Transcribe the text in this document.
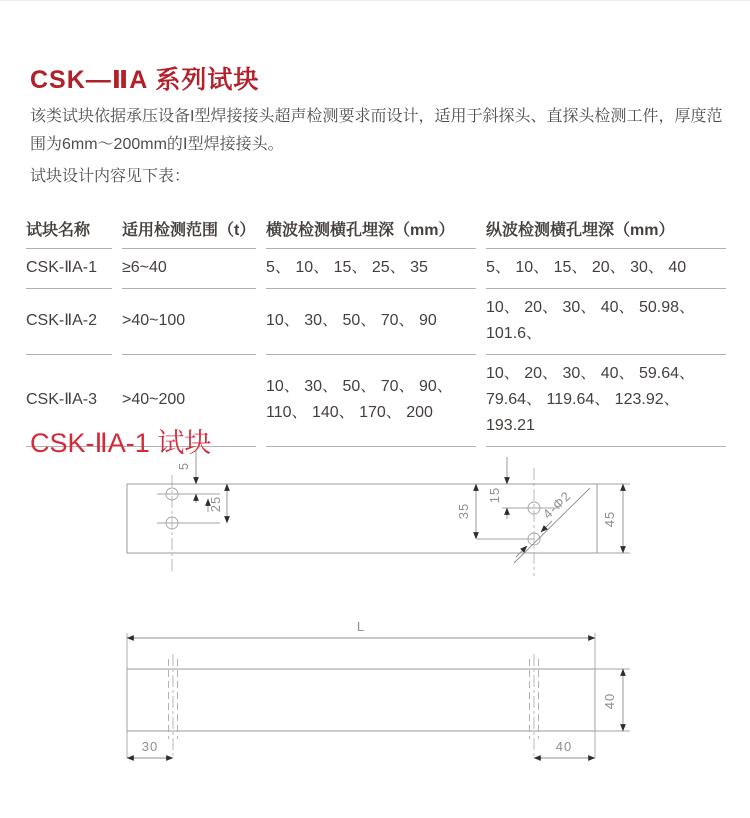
CSK—ⅡA 系列试块

该类试块依据承压设备I型焊接接头超声检测要求而设计，适用于斜探头、直探头检测工件，厚度范围为6mm～200mm的Ⅰ型焊接接头。

试块设计内容见下表：

试块名称	适用检测范围（t）	横波检测横孔埋深（mm）	纵波检测横孔埋深（mm）
CSK-ⅡA-1	≥6~40	5、 10、 15、 25、 35	5、 10、 15、 20、 30、 40
CSK-ⅡA-2	>40~100	10、 30、 50、 70、 90	10、 20、 30、 40、 50.98、 101.6、
CSK-ⅡA-3	>40~200	10、 30、 50、 70、 90、 110、 140、 170、 200	10、 20、 30、 40、 59.64、 79.64、 119.64、 123.92、 193.21
CSK-ⅡA-1 试块
5
25
15
35	4-Φ2 45
L
30	40
40
